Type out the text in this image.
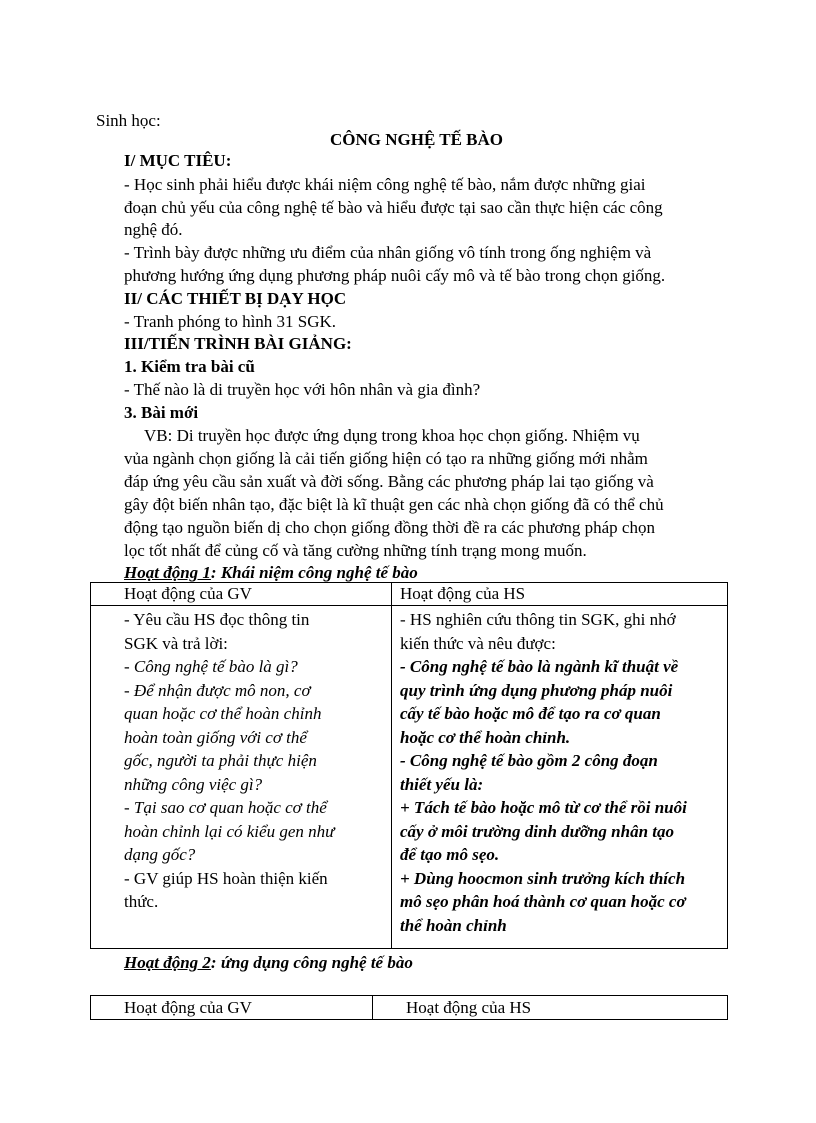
Sinh học:
CÔNG NGHỆ TẾ BÀO
I/ MỤC TIÊU:
- Học sinh phải hiểu được khái niệm công nghệ tế bào, nắm được những giai
đoạn chủ yếu của công nghệ tế bào và hiểu được tại sao cần thực hiện các công
nghệ đó.
- Trình bày được những ưu điểm của nhân giống vô tính trong ống nghiệm và
phương hướng ứng dụng phương pháp nuôi cấy mô và tế bào trong chọn giống.
II/ CÁC THIẾT BỊ DẠY HỌC
- Tranh phóng to hình 31 SGK.
III/TIẾN TRÌNH BÀI GIẢNG:
1. Kiểm tra bài cũ
- Thế nào là di truyền học với hôn nhân và gia đình?
3. Bài mới
VB: Di truyền học được ứng dụng trong khoa học chọn giống. Nhiệm vụ
vủa ngành chọn giống là cải tiến giống hiện có tạo ra những giống mới nhằm
đáp ứng yêu cầu sản xuất và đời sống. Bằng các phương pháp lai tạo giống và
gây đột biến nhân tạo, đặc biệt là kĩ thuật gen các nhà chọn giống đã có thể chủ
động tạo nguồn biến dị cho chọn giống đồng thời đề ra các phương pháp chọn
lọc tốt nhất để củng cố và tăng cường những tính trạng mong muốn.
Hoạt động 1: Khái niệm công nghệ tế bào
Hoạt động của GV	Hoạt động của HS
- Yêu cầu HS đọc thông tin
SGK và trả lời:
- Công nghệ tế bào là gì?
- Để nhận được mô non, cơ
quan hoặc cơ thể hoàn chỉnh
hoàn toàn giống với cơ thể
gốc, người ta phải thực hiện
những công việc gì?
- Tại sao cơ quan hoặc cơ thể
hoàn chỉnh lại có kiểu gen như
dạng gốc?
- GV giúp HS hoàn thiện kiến
thức.
- HS nghiên cứu thông tin SGK, ghi nhớ
kiến thức và nêu được:
- Công nghệ tế bào là ngành kĩ thuật về
quy trình ứng dụng phương pháp nuôi
cấy tế bào hoặc mô để tạo ra cơ quan
hoặc cơ thể hoàn chỉnh.
- Công nghệ tế bào gồm 2 công đoạn
thiết yếu là:
+ Tách tế bào hoặc mô từ cơ thể rồi nuôi
cấy ở môi trường dinh dưỡng nhân tạo
để tạo mô sẹo.
+ Dùng hoocmon sinh trưởng kích thích
mô sẹo phân hoá thành cơ quan hoặc cơ
thể hoàn chỉnh
Hoạt động 2: ứng dụng công nghệ tế bào
Hoạt động của GV	Hoạt động của HS
